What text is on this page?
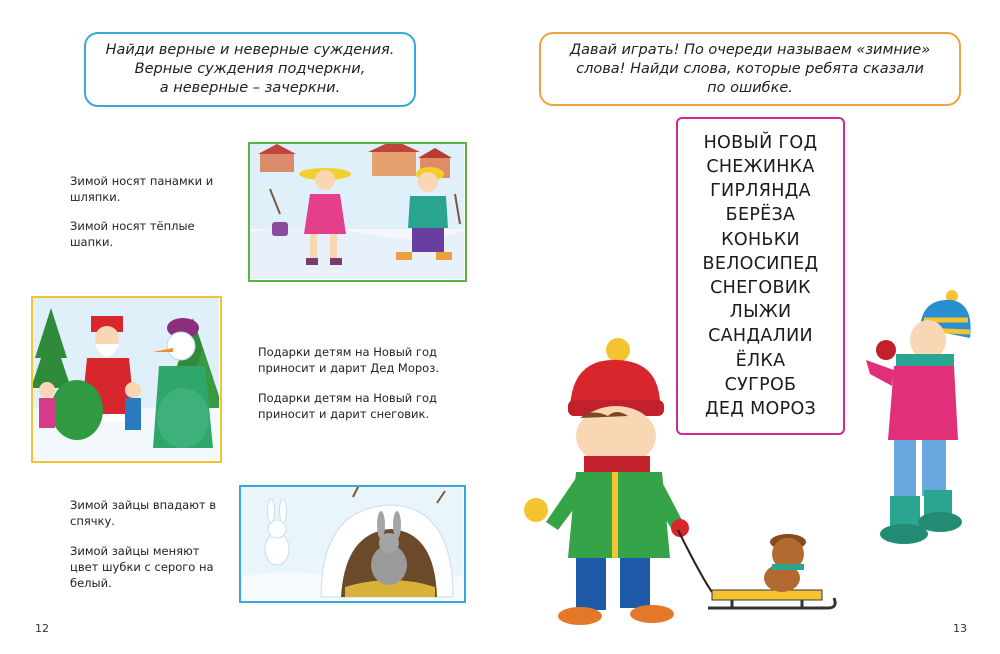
Найди верные и неверные суждения.
Верные суждения подчеркни,
а неверные – зачеркни.
Зимой носят панамки и шляпки.
Зимой носят тёплые шапки.
Подарки детям на Новый год приносит и дарит Дед Мороз.
Подарки детям на Новый год приносит и дарит снеговик.
Зимой зайцы впадают в спячку.
Зимой зайцы меняют цвет шубки с серого на белый.
12
Давай играть! По очереди называем «зимние»
слова! Найди слова, которые ребята сказали
по ошибке.
НОВЫЙ ГОД
СНЕЖИНКА
ГИРЛЯНДА
БЕРЁЗА
КОНЬКИ
ВЕЛОСИПЕД
СНЕГОВИК
ЛЫЖИ
САНДАЛИИ
ЁЛКА
СУГРОБ
ДЕД МОРОЗ
13
